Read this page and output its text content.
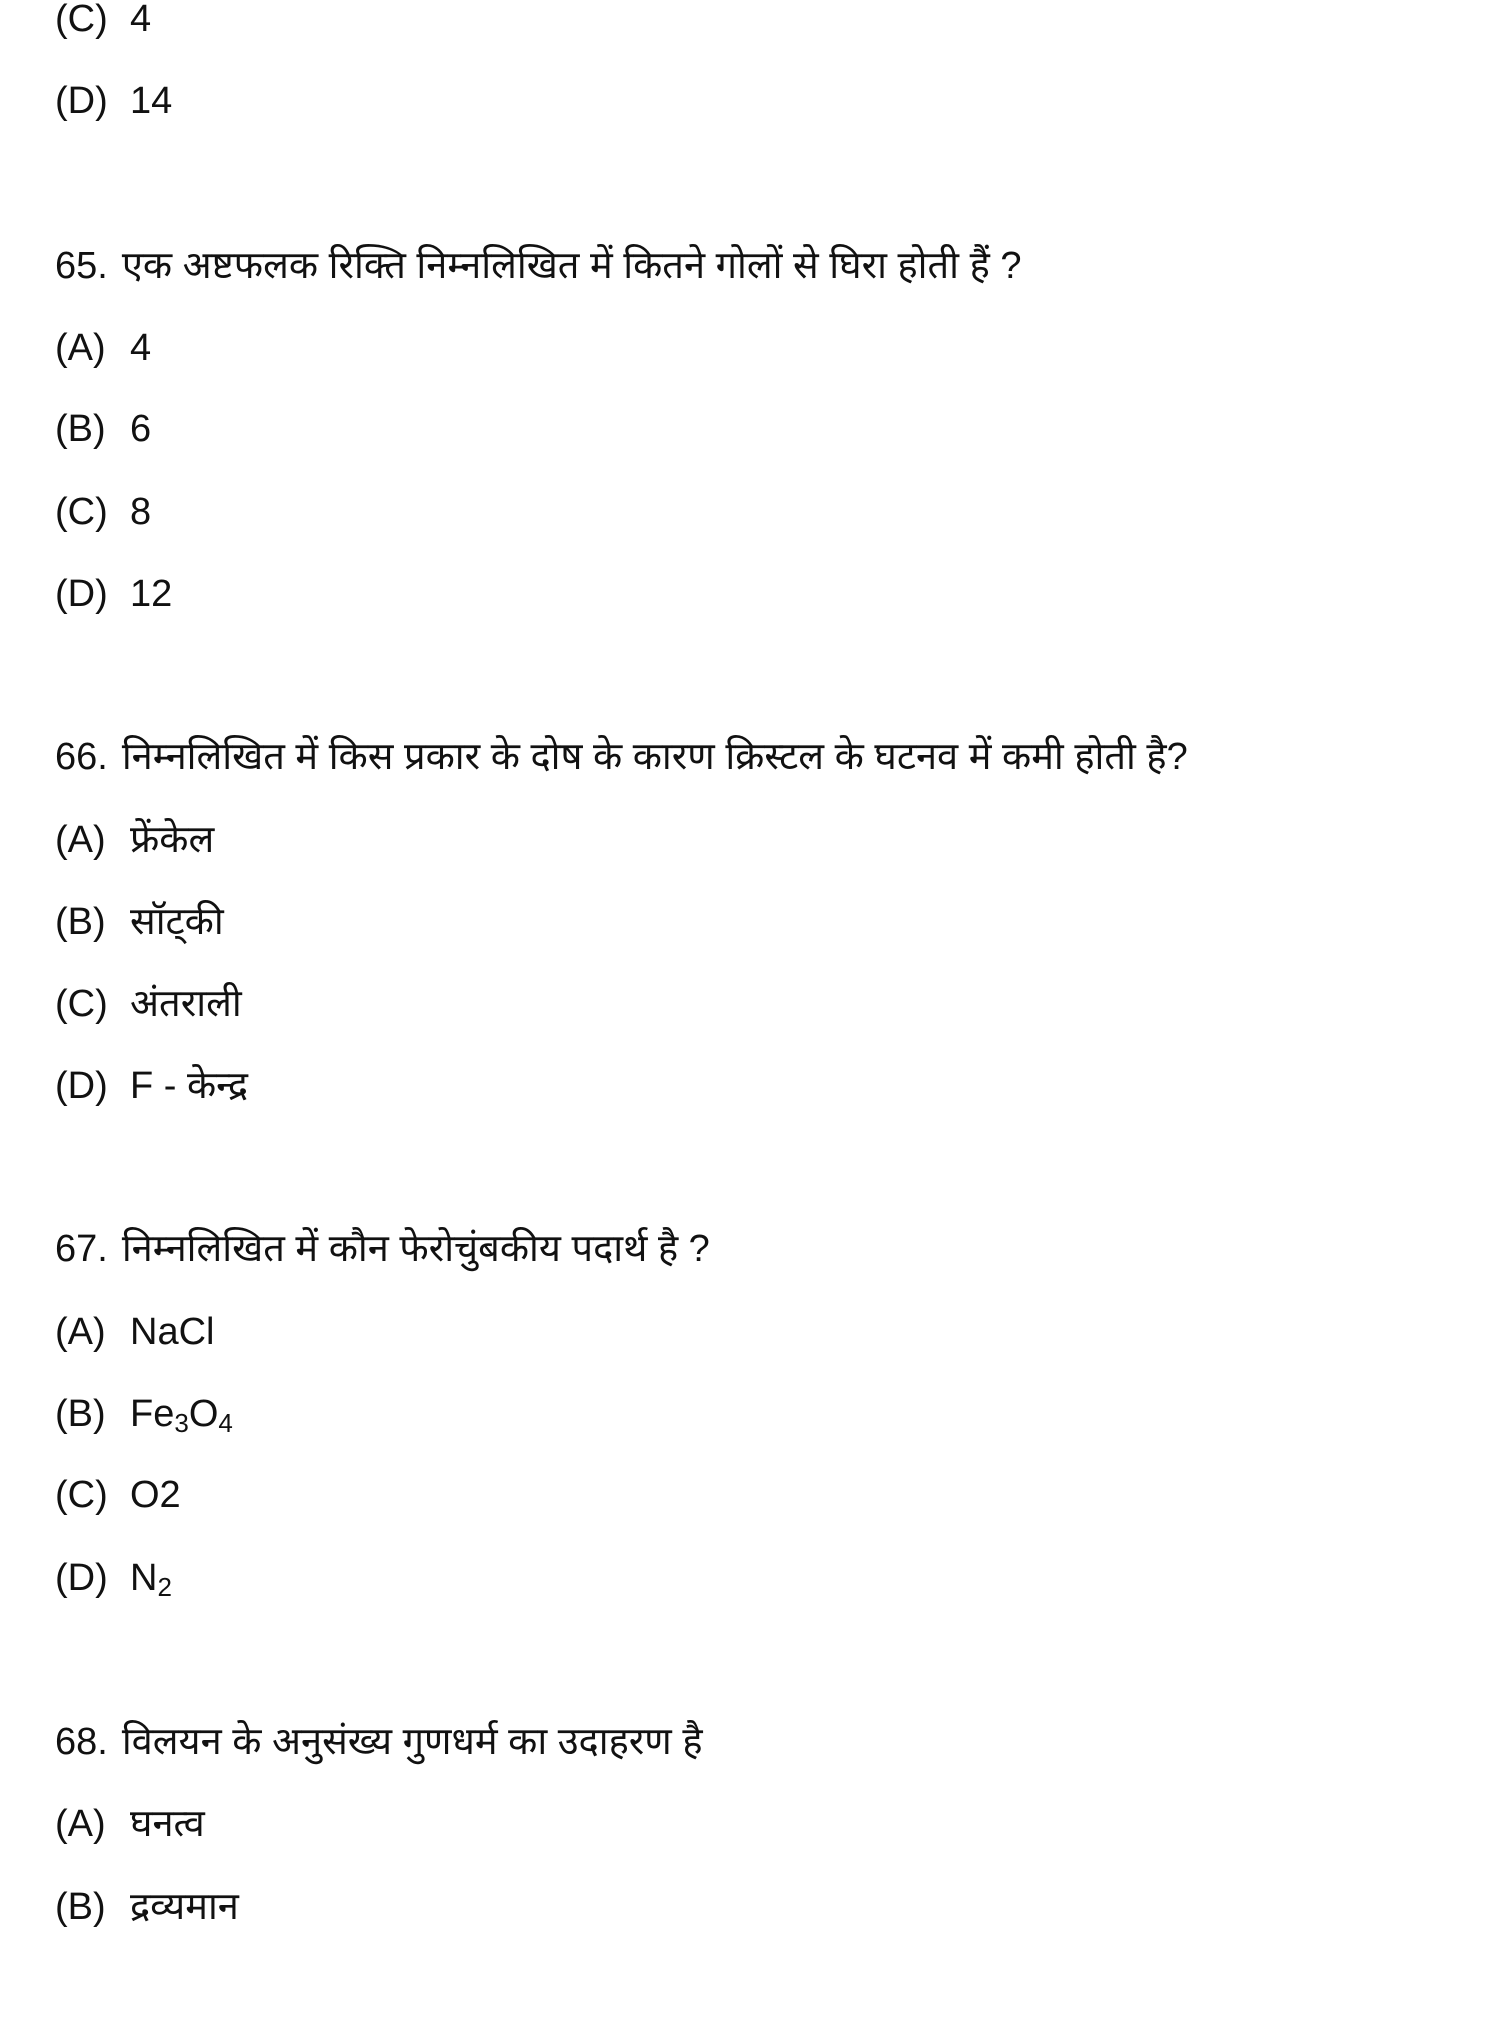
(C) 4
(D) 14
65. एक अष्टफलक रिक्ति निम्नलिखित में कितने गोलों से घिरा होती हैं ?
(A) 4
(B) 6
(C) 8
(D) 12
66. निम्नलिखित में किस प्रकार के दोष के कारण क्रिस्टल के घटनव में कमी होती है?
(A) फ्रेंकेल
(B) सॉट्की
(C) अंतराली
(D) F - केन्द्र
67. निम्नलिखित में कौन फेरोचुंबकीय पदार्थ है ?
(A) NaCl
(B) $Fe_3O_4$
(C) O2
(D) $N_2$
68. विलयन के अनुसंख्य गुणधर्म का उदाहरण है
(A) घनत्व
(B) द्रव्यमान
